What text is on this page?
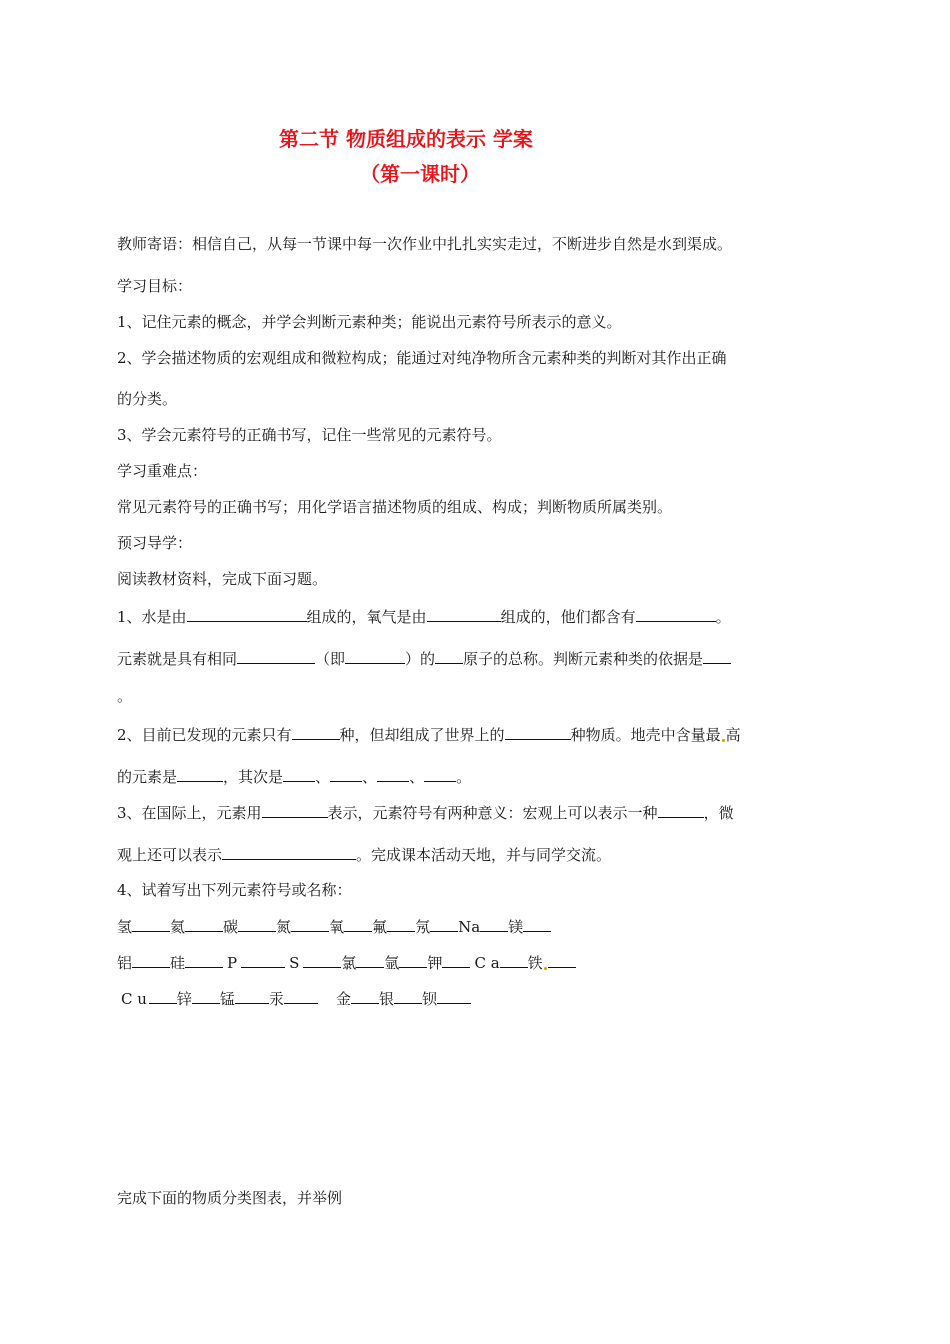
第二节 物质组成的表示 学案
（第一课时）
教师寄语：相信自己，从每一节课中每一次作业中扎扎实实走过，不断进步自然是水到渠成。
学习目标：
1、记住元素的概念，并学会判断元素种类；能说出元素符号所表示的意义。
2、学会描述物质的宏观组成和微粒构成；能通过对纯净物所含元素种类的判断对其作出正确
的分类。
3、学会元素符号的正确书写，记住一些常见的元素符号。
学习重难点：
常见元素符号的正确书写；用化学语言描述物质的组成、构成；判断物质所属类别。
预习导学：
阅读教材资料，完成下面习题。
1、水是由	组成的，氧气是由	组成的，他们都含有	。
元素就是具有相同	（即	）的 原子的总称。判断元素种类的依据是
。
2、目前已发现的元素只有	种，但却组成了世界上的	种物质。地壳中含量最 高
的元素是	，其次是 、 、 、 。
3、在国际上，元素用	表示，元素符号有两种意义：宏观上可以表示一种	，微
观上还可以表示	。完成课本活动天地，并与同学交流。
4、试着写出下列元素符号或名称：
氢	氦	碳	氮	氧 氟 氖 Na 镁
铝	硅	P	S	氯 氩 钾 C a 铁
C u 锌 锰 汞	金 银 钡
完成下面的物质分类图表，并举例
